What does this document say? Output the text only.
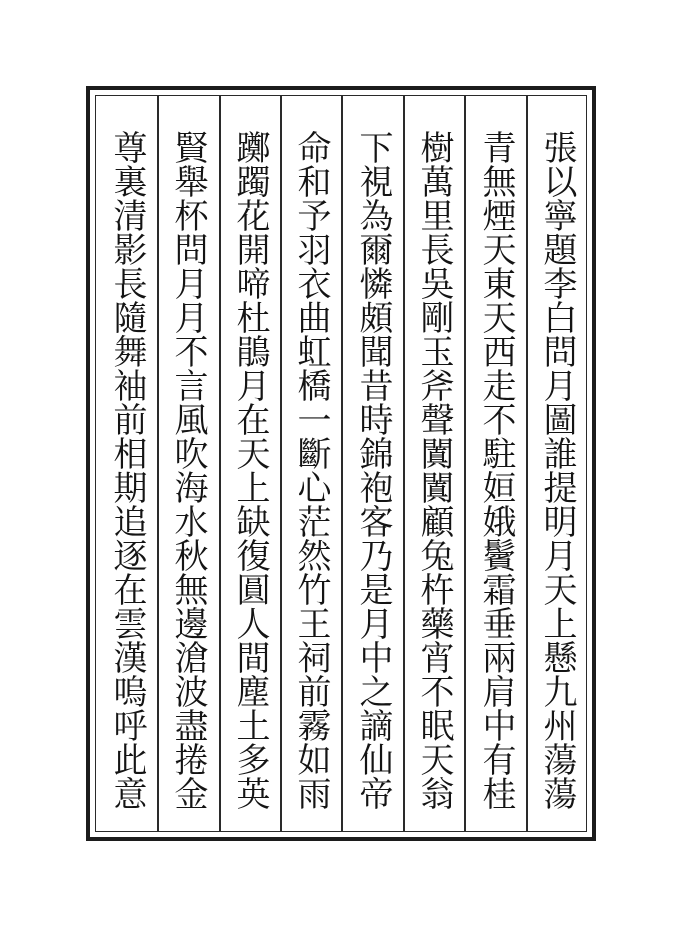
張以寧題李白問月圖誰提明月天上懸九州蕩蕩
青無煙天東天西走不駐姮娥鬢霜垂兩肩中有桂
樹萬里長吳剛玉斧聲闐闐顧兔杵藥宵不眠天翁
下視為爾憐頗聞昔時錦袍客乃是月中之謫仙帝
命和予羽衣曲虹橋一斷心茫然竹王祠前霧如雨
躑躅花開啼杜鵑月在天上缺復圓人間塵土多英
賢舉杯問月月不言風吹海水秋無邊滄波盡捲金
尊裏清影長隨舞袖前相期追逐在雲漢嗚呼此意
